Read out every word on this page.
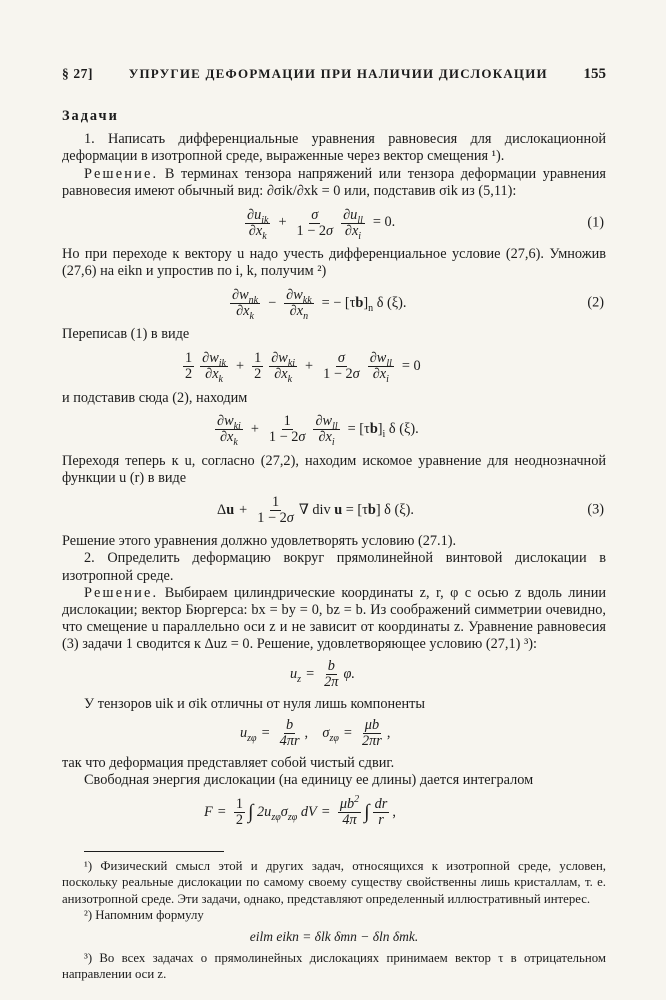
§ 27]	УПРУГИЕ ДЕФОРМАЦИИ ПРИ НАЛИЧИИ ДИСЛОКАЦИИ 155
Задачи

1. Написать дифференциальные уравнения равновесия для дислокационной деформации в изотропной среде, выраженные через вектор смещения ¹).

Решение. В терминах тензора напряжений или тензора деформации уравнения равновесия имеют обычный вид: ∂σik/∂xk = 0 или, подставив σik из (5,11):

$\frac{\partial u_{ik}}{\partial x_k} + \frac{\sigma}{1 - 2\sigma} \frac{\partial u_{ll}}{\partial x_i} = 0$.	(1)

Но при переходе к вектору u надо учесть дифференциальное условие (27,6). Умножив (27,6) на eikn и упростив по i, k, получим ²)

$\frac{\partial w_{nk}}{\partial x_k} - \frac{\partial w_{kk}}{\partial x_n}$ = − $[\tau b]_n$ δ (ξ).	(2)

Переписав (1) в виде

$\frac{1}{2} \frac{\partial w_{ik}}{\partial x_k} + \frac{1}{2} \frac{\partial w_{ki}}{\partial x_k} + \frac{\sigma}{1 - 2\sigma} \frac{\partial w_{ll}}{\partial x_i} = 0$

и подставив сюда (2), находим

$\frac{\partial w_{ki}}{\partial x_k} + \frac{1}{1 - 2\sigma} \frac{\partial w_{ll}}{\partial x_i} = [\tau b]_i$ δ (ξ).

Переходя теперь к u, согласно (27,2), находим искомое уравнение для неоднозначной функции u (r) в виде

$\Delta u + \frac{1}{1 - 2\sigma}$ ∇ div u = [τb] δ (ξ).	(3)

Решение этого уравнения должно удовлетворять условию (27.1).

2. Определить деформацию вокруг прямолинейной винтовой дислокации в изотропной среде.

Решение. Выбираем цилиндрические координаты z, r, φ с осью z вдоль линии дислокации; вектор Бюргерса: bx = by = 0, bz = b. Из соображений симметрии очевидно, что смещение u параллельно оси z и не зависит от координаты z. Уравнение равновесия (3) задачи 1 сводится к Δuz = 0. Решение, удовлетворяющее условию (27,1) ³):

$u_z = \frac{b}{2\pi} \varphi$.

У тензоров uik и σik отличны от нуля лишь компоненты

$u_{z\varphi} = \frac{b}{4\pi r}$ , $\sigma_{z\varphi} = \frac{\mu b}{2\pi r}$ ,

так что деформация представляет собой чистый сдвиг.

Свободная энергия дислокации (на единицу ее длины) дается интегралом

$F = \frac{1}{2}$ ∫ $2u_{z\varphi}\sigma_{z\varphi}$ dV = $\frac{\mu b^2}{4\pi}$ ∫ $\frac{dr}{r}$ ,

¹) Физический смысл этой и других задач, относящихся к изотропной среде, условен, поскольку реальные дислокации по самому своему существу свойственны лишь кристаллам, т. е. анизотропной среде. Эти задачи, однако, представляют определенный иллюстративный интерес.

²) Напомним формулу

eilm eikn = δlk δmn − δln δmk.

³) Во всех задачах о прямолинейных дислокациях принимаем вектор τ в отрицательном направлении оси z.
